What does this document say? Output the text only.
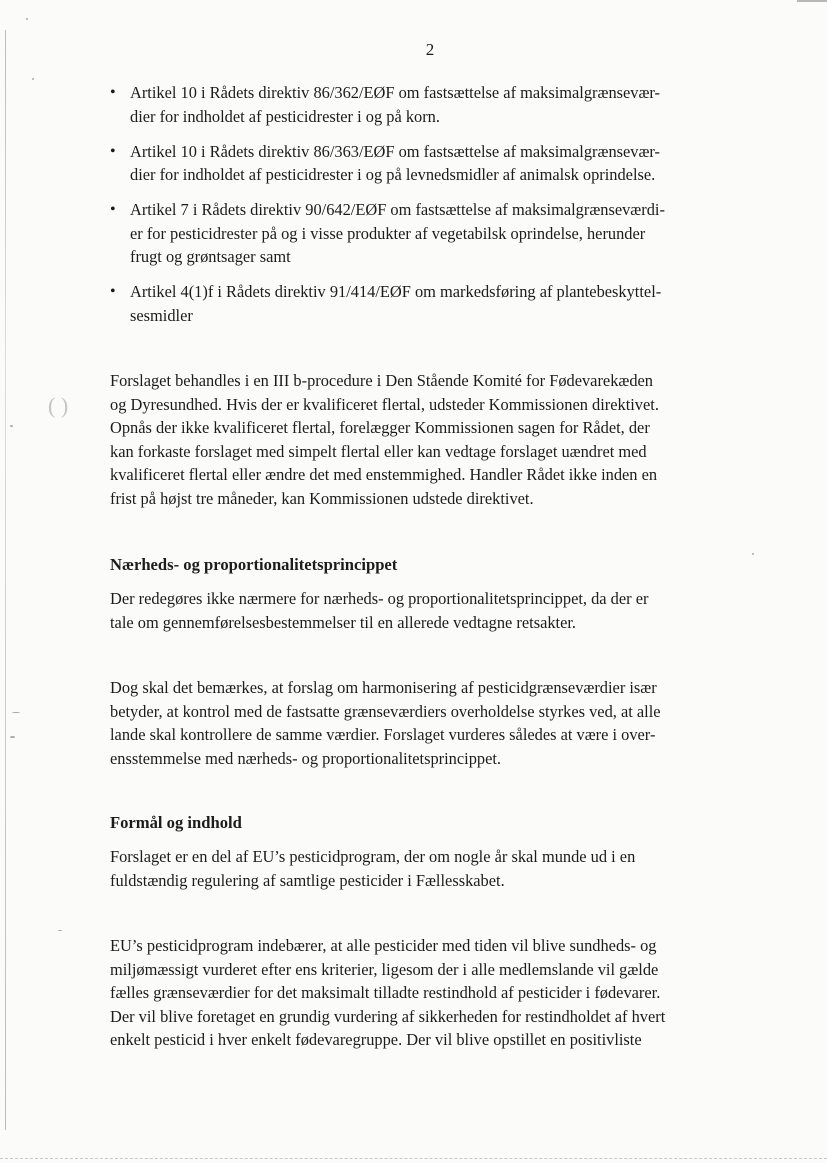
( )
2
• Artikel 10 i Rådets direktiv 86/362/EØF om fastsættelse af maksimalgrænsevær-
dier for indholdet af pesticidrester i og på korn.
• Artikel 10 i Rådets direktiv 86/363/EØF om fastsættelse af maksimalgrænsevær-
dier for indholdet af pesticidrester i og på levnedsmidler af animalsk oprindelse.
• Artikel 7 i Rådets direktiv 90/642/EØF om fastsættelse af maksimalgrænseværdi-
er for pesticidrester på og i visse produkter af vegetabilsk oprindelse, herunder
frugt og grøntsager samt
• Artikel 4(1)f i Rådets direktiv 91/414/EØF om markedsføring af plantebeskyttel-
sesmidler

Forslaget behandles i en III b-procedure i Den Stående Komité for Fødevarekæden
og Dyresundhed. Hvis der er kvalificeret flertal, udsteder Kommissionen direktivet.
Opnås der ikke kvalificeret flertal, forelægger Kommissionen sagen for Rådet, der
kan forkaste forslaget med simpelt flertal eller kan vedtage forslaget uændret med
kvalificeret flertal eller ændre det med enstemmighed. Handler Rådet ikke inden en
frist på højst tre måneder, kan Kommissionen udstede direktivet.

Nærheds- og proportionalitetsprincippet

Der redegøres ikke nærmere for nærheds- og proportionalitetsprincippet, da der er
tale om gennemførelsesbestemmelser til en allerede vedtagne retsakter.

Dog skal det bemærkes, at forslag om harmonisering af pesticidgrænseværdier især
betyder, at kontrol med de fastsatte grænseværdiers overholdelse styrkes ved, at alle
lande skal kontrollere de samme værdier. Forslaget vurderes således at være i over-
ensstemmelse med nærheds- og proportionalitetsprincippet.

Formål og indhold

Forslaget er en del af EU’s pesticidprogram, der om nogle år skal munde ud i en
fuldstændig regulering af samtlige pesticider i Fællesskabet.

EU’s pesticidprogram indebærer, at alle pesticider med tiden vil blive sundheds- og
miljømæssigt vurderet efter ens kriterier, ligesom der i alle medlemslande vil gælde
fælles grænseværdier for det maksimalt tilladte restindhold af pesticider i fødevarer.
Der vil blive foretaget en grundig vurdering af sikkerheden for restindholdet af hvert
enkelt pesticid i hver enkelt fødevaregruppe. Der vil blive opstillet en positivliste
